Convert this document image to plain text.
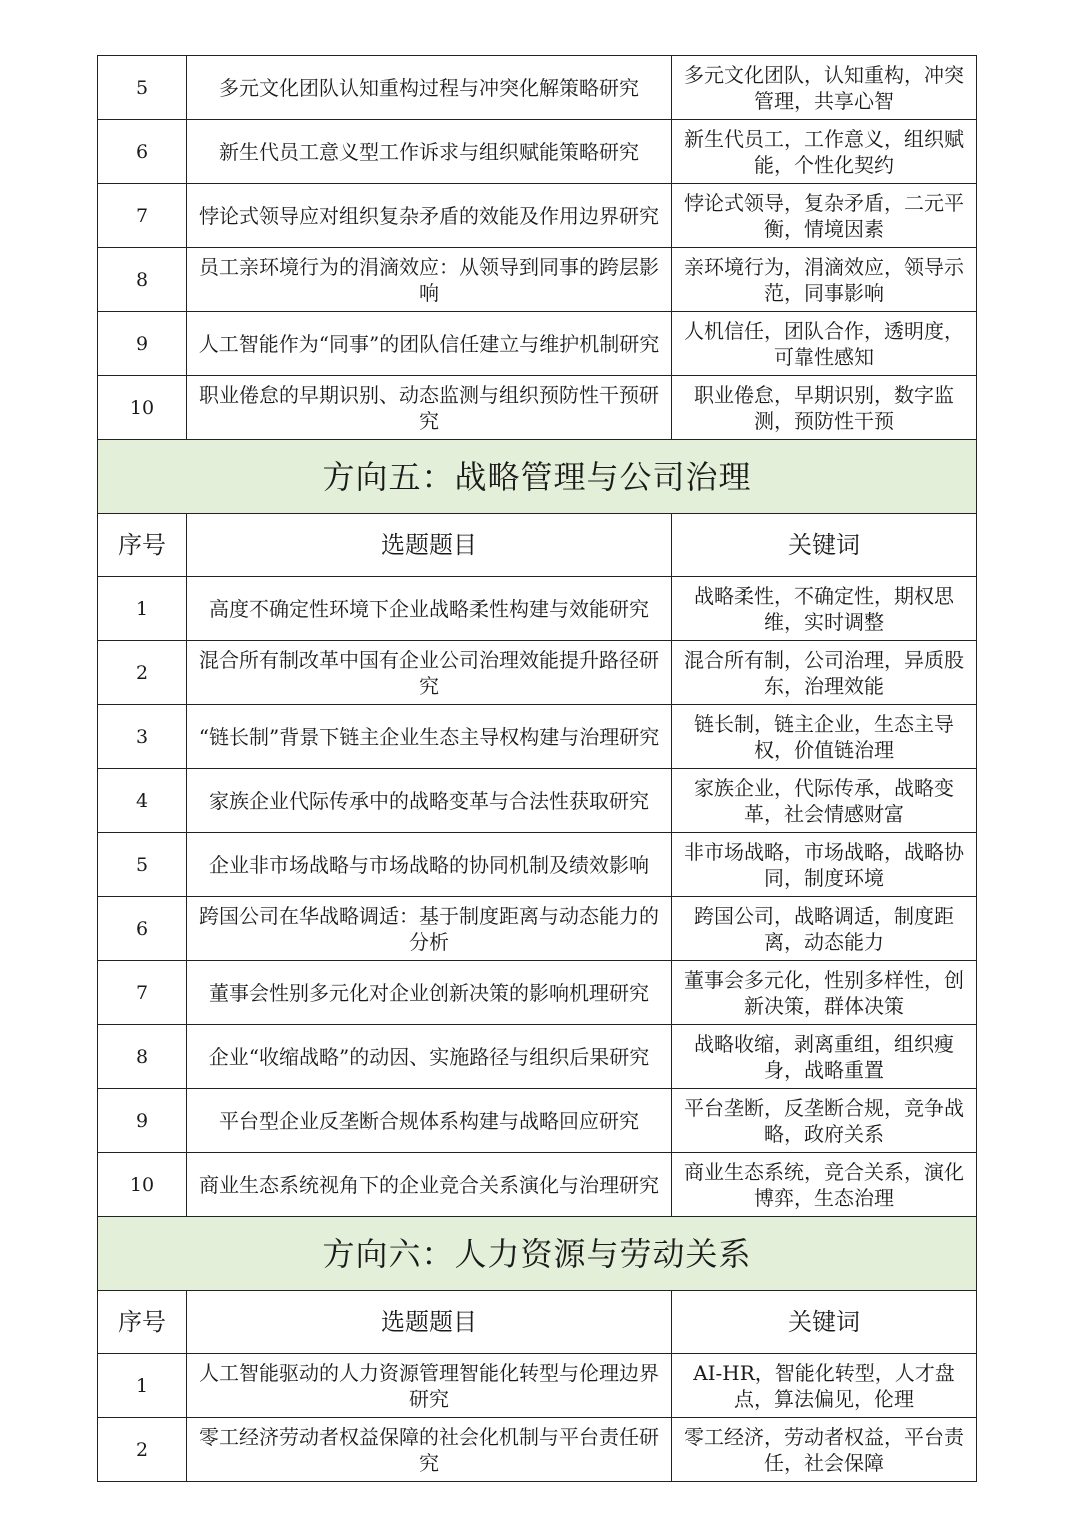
5	多元文化团队认知重构过程与冲突化解策略研究	多元文化团队，认知重构，冲突管理，共享心智
6	新生代员工意义型工作诉求与组织赋能策略研究	新生代员工，工作意义，组织赋能，个性化契约
7	悖论式领导应对组织复杂矛盾的效能及作用边界研究	悖论式领导，复杂矛盾，二元平衡，情境因素
8	员工亲环境行为的涓滴效应：从领导到同事的跨层影响	亲环境行为，涓滴效应，领导示范，同事影响
9	人工智能作为“同事”的团队信任建立与维护机制研究	人机信任，团队合作，透明度，可靠性感知
10	职业倦怠的早期识别、动态监测与组织预防性干预研究	职业倦怠，早期识别，数字监测，预防性干预
方向五：战略管理与公司治理		
序号	选题题目	关键词
1	高度不确定性环境下企业战略柔性构建与效能研究	战略柔性，不确定性，期权思维，实时调整
2	混合所有制改革中国有企业公司治理效能提升路径研究	混合所有制，公司治理，异质股东，治理效能
3	“链长制”背景下链主企业生态主导权构建与治理研究	链长制，链主企业，生态主导权，价值链治理
4	家族企业代际传承中的战略变革与合法性获取研究	家族企业，代际传承，战略变革，社会情感财富
5	企业非市场战略与市场战略的协同机制及绩效影响	非市场战略，市场战略，战略协同，制度环境
6	跨国公司在华战略调适：基于制度距离与动态能力的分析	跨国公司，战略调适，制度距离，动态能力
7	董事会性别多元化对企业创新决策的影响机理研究	董事会多元化，性别多样性，创新决策，群体决策
8	企业“收缩战略”的动因、实施路径与组织后果研究	战略收缩，剥离重组，组织瘦身，战略重置
9	平台型企业反垄断合规体系构建与战略回应研究	平台垄断，反垄断合规，竞争战略，政府关系
10	商业生态系统视角下的企业竞合关系演化与治理研究	商业生态系统，竞合关系，演化博弈，生态治理
方向六：人力资源与劳动关系		
序号	选题题目	关键词
1	人工智能驱动的人力资源管理智能化转型与伦理边界研究	AI-HR，智能化转型，人才盘点，算法偏见，伦理
2	零工经济劳动者权益保障的社会化机制与平台责任研究	零工经济，劳动者权益，平台责任，社会保障
